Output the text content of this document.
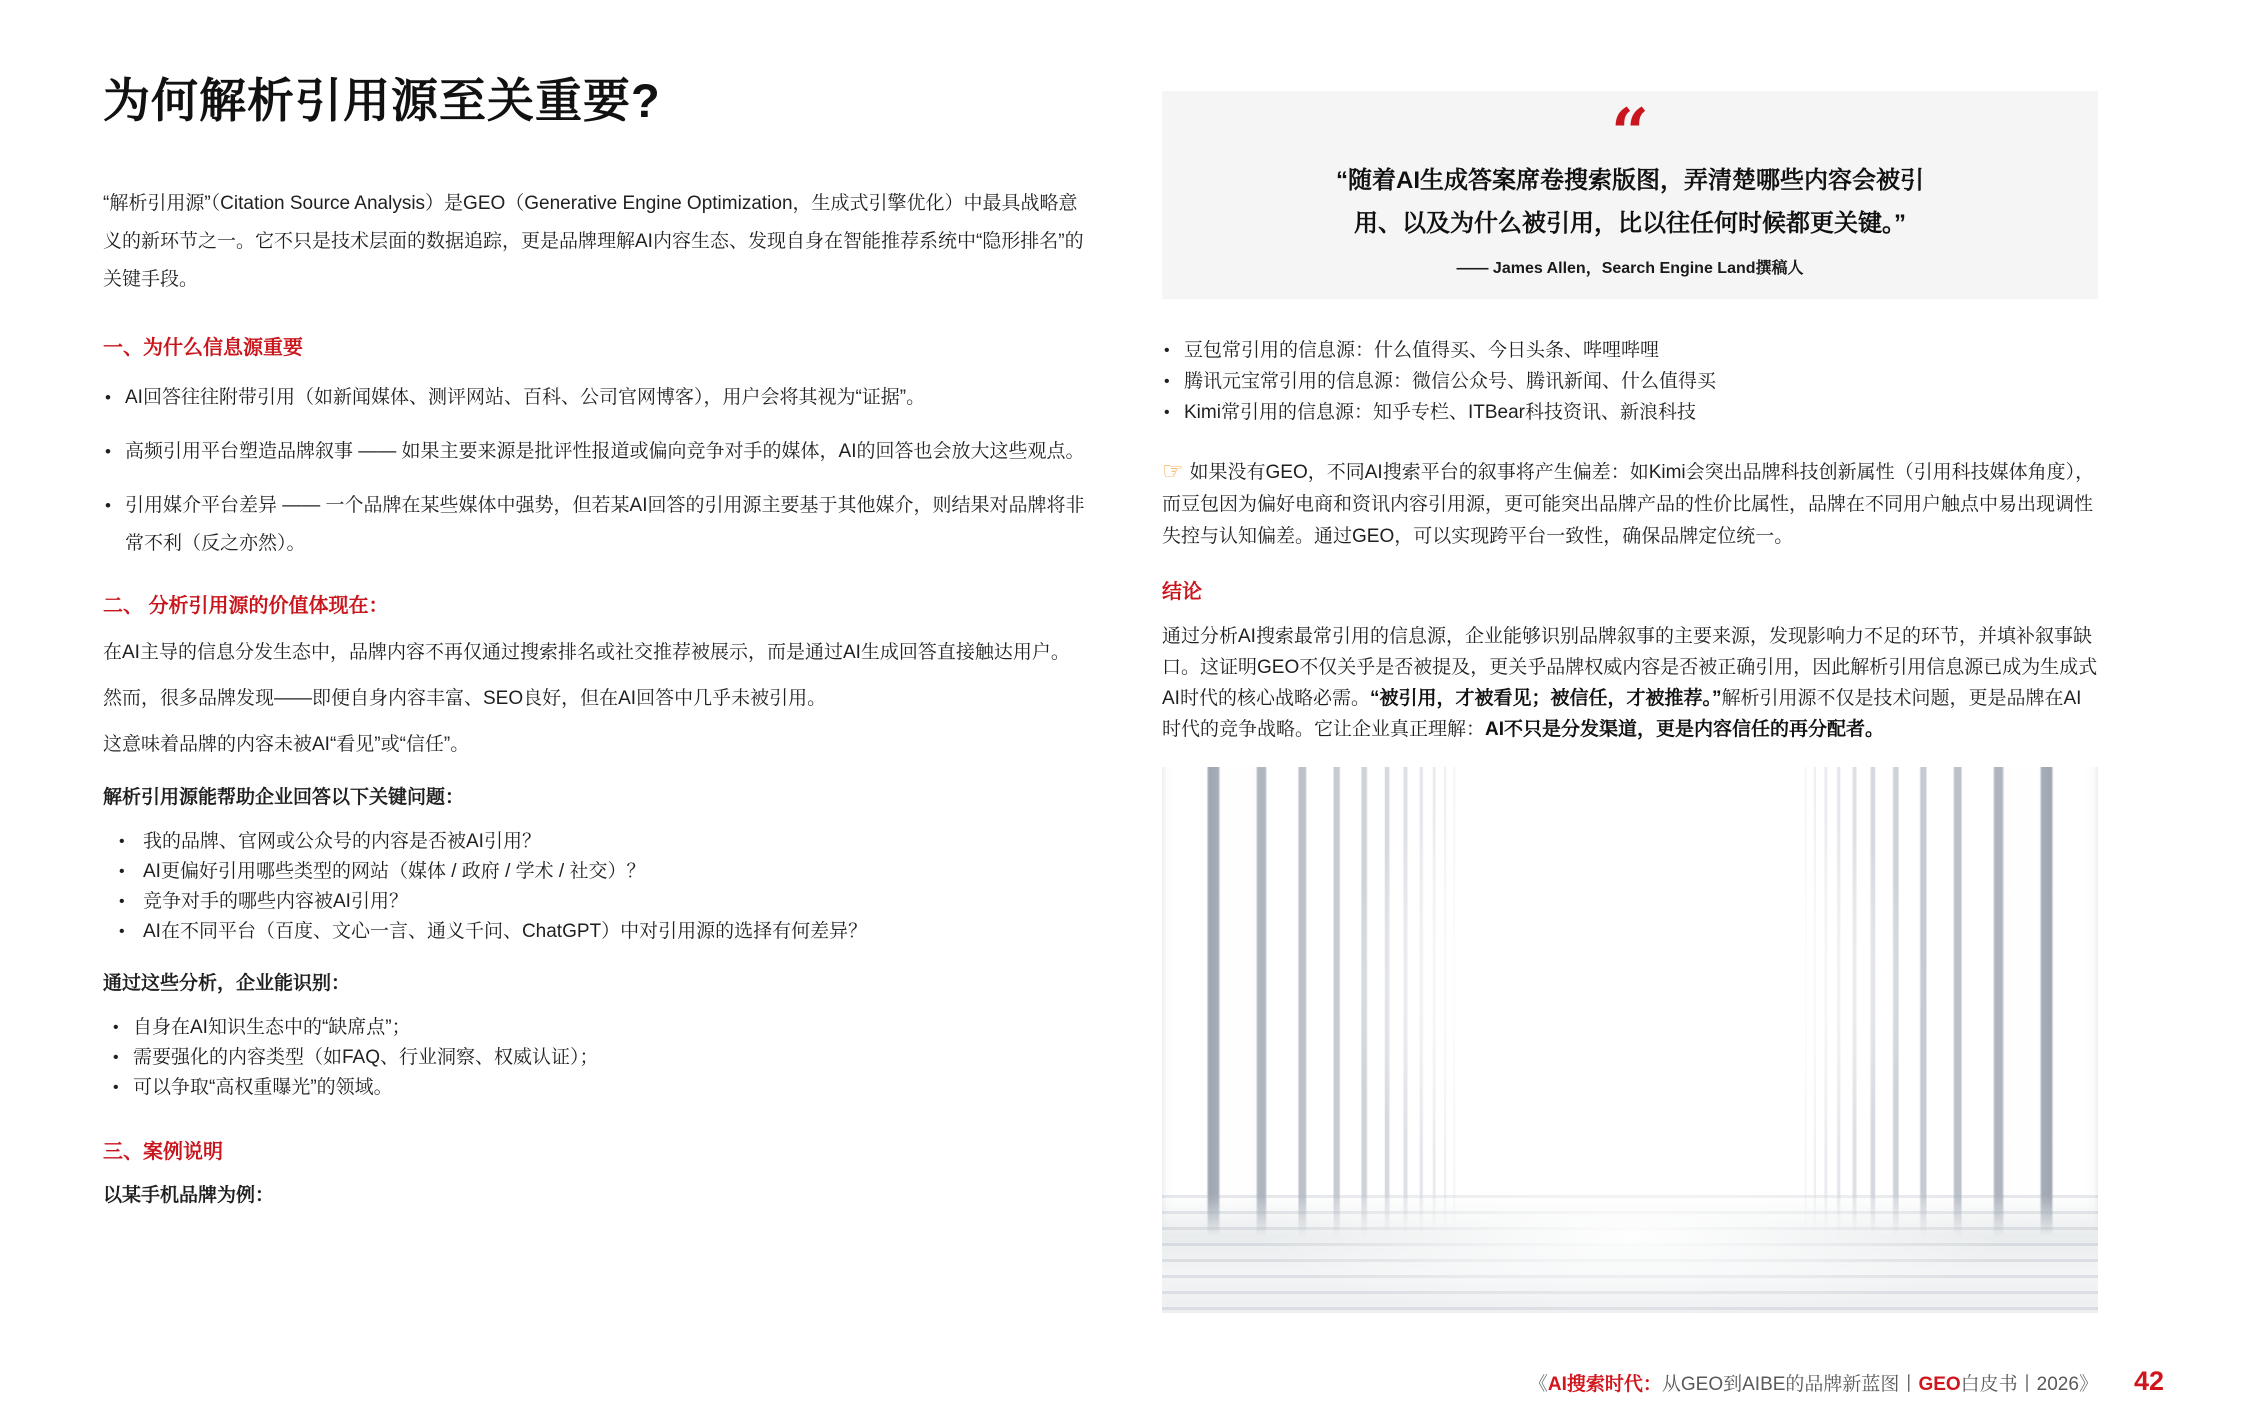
为何解析引用源至关重要?

“解析引用源”（Citation Source Analysis）是GEO（Generative Engine Optimization，生成式引擎优化）中最具战略意义的新环节之一。它不只是技术层面的数据追踪，更是品牌理解AI内容生态、发现自身在智能推荐系统中“隐形排名”的关键手段。

一、为什么信息源重要
• AI回答往往附带引用（如新闻媒体、测评网站、百科、公司官网博客），用户会将其视为“证据”。
• 高频引用平台塑造品牌叙事 —— 如果主要来源是批评性报道或偏向竞争对手的媒体，AI的回答也会放大这些观点。
• 引用媒介平台差异 —— 一个品牌在某些媒体中强势，但若某AI回答的引用源主要基于其他媒介，则结果对品牌将非常不利（反之亦然）。
二、 分析引用源的价值体现在：

在AI主导的信息分发生态中，品牌内容不再仅通过搜索排名或社交推荐被展示，而是通过AI生成回答直接触达用户。

然而，很多品牌发现——即便自身内容丰富、SEO良好，但在AI回答中几乎未被引用。

这意味着品牌的内容未被AI“看见”或“信任”。

解析引用源能帮助企业回答以下关键问题：

• 我的品牌、官网或公众号的内容是否被AI引用？
• AI更偏好引用哪些类型的网站（媒体 / 政府 / 学术 / 社交）？
• 竞争对手的哪些内容被AI引用？
• AI在不同平台（百度、文心一言、通义千问、ChatGPT）中对引用源的选择有何差异？

通过这些分析，企业能识别：

• 自身在AI知识生态中的“缺席点”；
• 需要强化的内容类型（如FAQ、行业洞察、权威认证）；
• 可以争取“高权重曝光”的领域。
三、案例说明

以某手机品牌为例：

“
“随着AI生成答案席卷搜索版图，弄清楚哪些内容会被引
用、以及为什么被引用，比以往任何时候都更关键。”
—— James Allen，Search Engine Land撰稿人
• 豆包常引用的信息源：什么值得买、今日头条、哔哩哔哩
• 腾讯元宝常引用的信息源：微信公众号、腾讯新闻、什么值得买
• Kimi常引用的信息源：知乎专栏、ITBear科技资讯、新浪科技

☞ 如果没有GEO，不同AI搜索平台的叙事将产生偏差：如Kimi会突出品牌科技创新属性（引用科技媒体角度），而豆包因为偏好电商和资讯内容引用源，更可能突出品牌产品的性价比属性，品牌在不同用户触点中易出现调性失控与认知偏差。通过GEO，可以实现跨平台一致性，确保品牌定位统一。

结论

通过分析AI搜索最常引用的信息源，企业能够识别品牌叙事的主要来源，发现影响力不足的环节，并填补叙事缺口。这证明GEO不仅关乎是否被提及，更关乎品牌权威内容是否被正确引用，因此解析引用信息源已成为生成式AI时代的核心战略必需。“被引用，才被看见；被信任，才被推荐。”解析引用源不仅是技术问题，更是品牌在AI时代的竞争战略。它让企业真正理解：AI不只是分发渠道，更是内容信任的再分配者。

《AI搜索时代：从GEO到AIBE的品牌新蓝图丨GEO白皮书丨2026》 42
